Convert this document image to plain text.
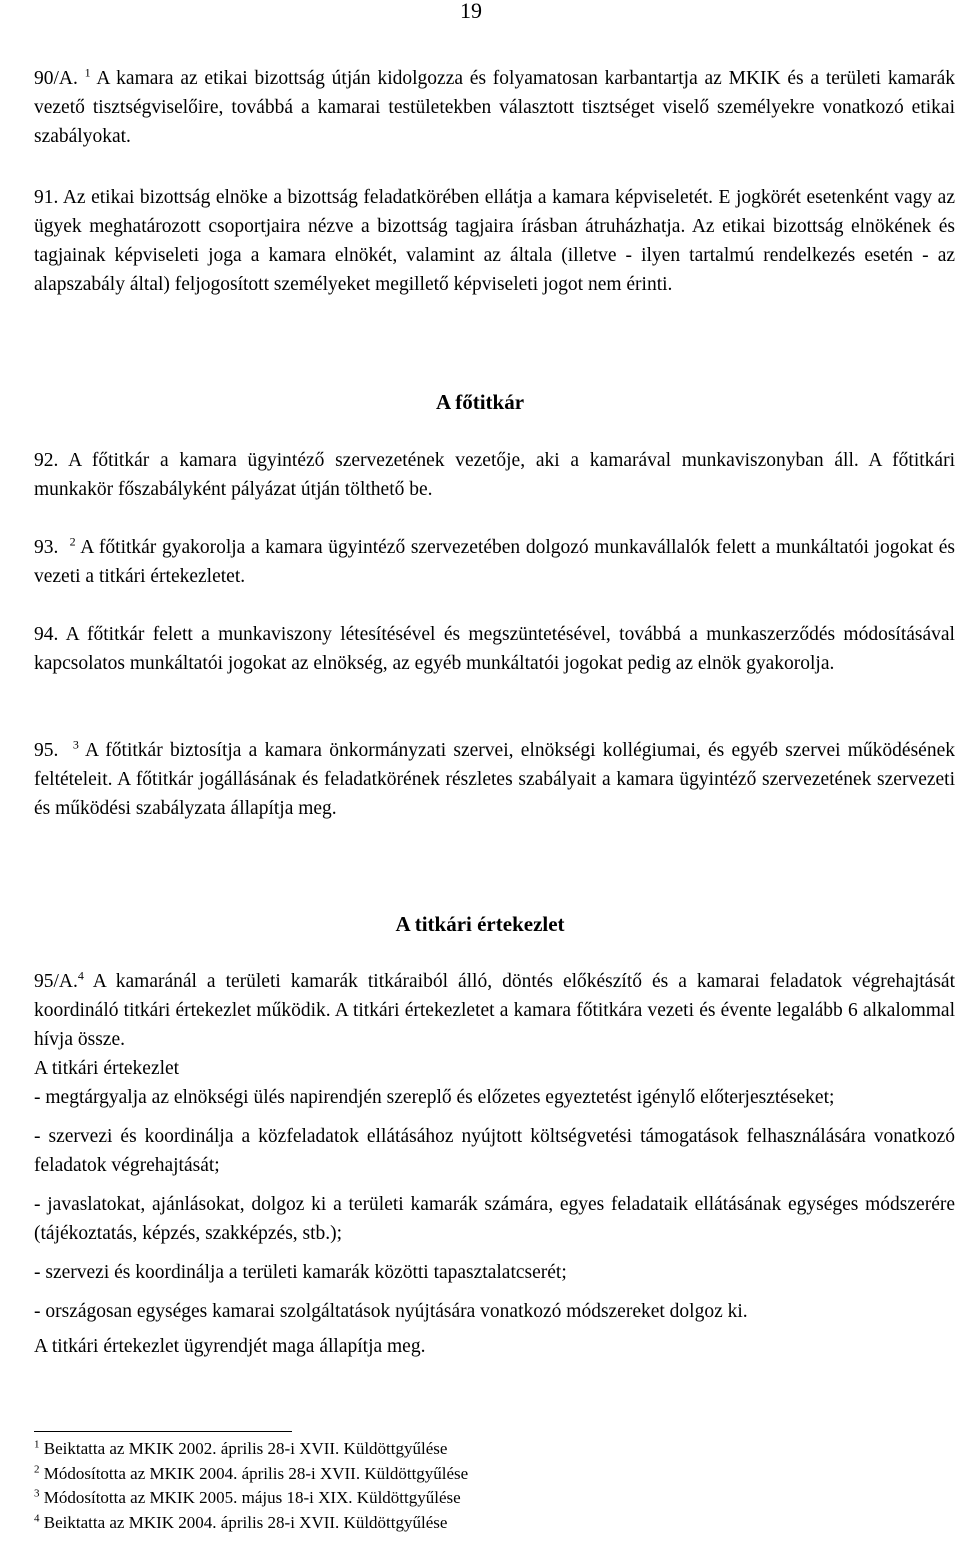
19

90/A. $^1$ A kamara az etikai bizottság útján kidolgozza és folyamatosan karbantartja az MKIK és a területi kamarák vezető tisztségviselőire, továbbá a kamarai testületekben választott tisztséget viselő személyekre vonatkozó etikai szabályokat.

91. Az etikai bizottság elnöke a bizottság feladatkörében ellátja a kamara képviseletét. E jogkörét esetenként vagy az ügyek meghatározott csoportjaira nézve a bizottság tagjaira írásban átruházhatja. Az etikai bizottság elnökének és tagjainak képviseleti joga a kamara elnökét, valamint az általa (illetve - ilyen tartalmú rendelkezés esetén - az alapszabály által) feljogosított személyeket megillető képviseleti jogot nem érinti.

A főtitkár

92. A főtitkár a kamara ügyintéző szervezetének vezetője, aki a kamarával munkaviszonyban áll. A főtitkári munkakör főszabályként pályázat útján tölthető be.

93. $^2$ A főtitkár gyakorolja a kamara ügyintéző szervezetében dolgozó munkavállalók felett a munkáltatói jogokat és vezeti a titkári értekezletet.

94. A főtitkár felett a munkaviszony létesítésével és megszüntetésével, továbbá a munkaszerződés módosításával kapcsolatos munkáltatói jogokat az elnökség, az egyéb munkáltatói jogokat pedig az elnök gyakorolja.

95. $^3$ A főtitkár biztosítja a kamara önkormányzati szervei, elnökségi kollégiumai, és egyéb szervei működésének feltételeit. A főtitkár jogállásának és feladatkörének részletes szabályait a kamara ügyintéző szervezetének szervezeti és működési szabályzata állapítja meg.

A titkári értekezlet

95/A.$^4$ A kamaránál a területi kamarák titkáraiból álló, döntés előkészítő és a kamarai feladatok végrehajtását koordináló titkári értekezlet működik. A titkári értekezletet a kamara főtitkára vezeti és évente legalább 6 alkalommal hívja össze.

A titkári értekezlet

- megtárgyalja az elnökségi ülés napirendjén szereplő és előzetes egyeztetést igénylő előterjesztéseket;

- szervezi és koordinálja a közfeladatok ellátásához nyújtott költségvetési támogatások felhasználására vonatkozó feladatok végrehajtását;

- javaslatokat, ajánlásokat, dolgoz ki a területi kamarák számára, egyes feladataik ellátásának egységes módszerére (tájékoztatás, képzés, szakképzés, stb.);

- szervezi és koordinálja a területi kamarák közötti tapasztalatcserét;

- országosan egységes kamarai szolgáltatások nyújtására vonatkozó módszereket dolgoz ki.

A titkári értekezlet ügyrendjét maga állapítja meg.

$^1$ Beiktatta az MKIK 2002. április 28-i XVII. Küldöttgyűlése
$^2$ Módosította az MKIK 2004. április 28-i XVII. Küldöttgyűlése
$^3$ Módosította az MKIK 2005. május 18-i XIX. Küldöttgyűlése
$^4$ Beiktatta az MKIK 2004. április 28-i XVII. Küldöttgyűlése
